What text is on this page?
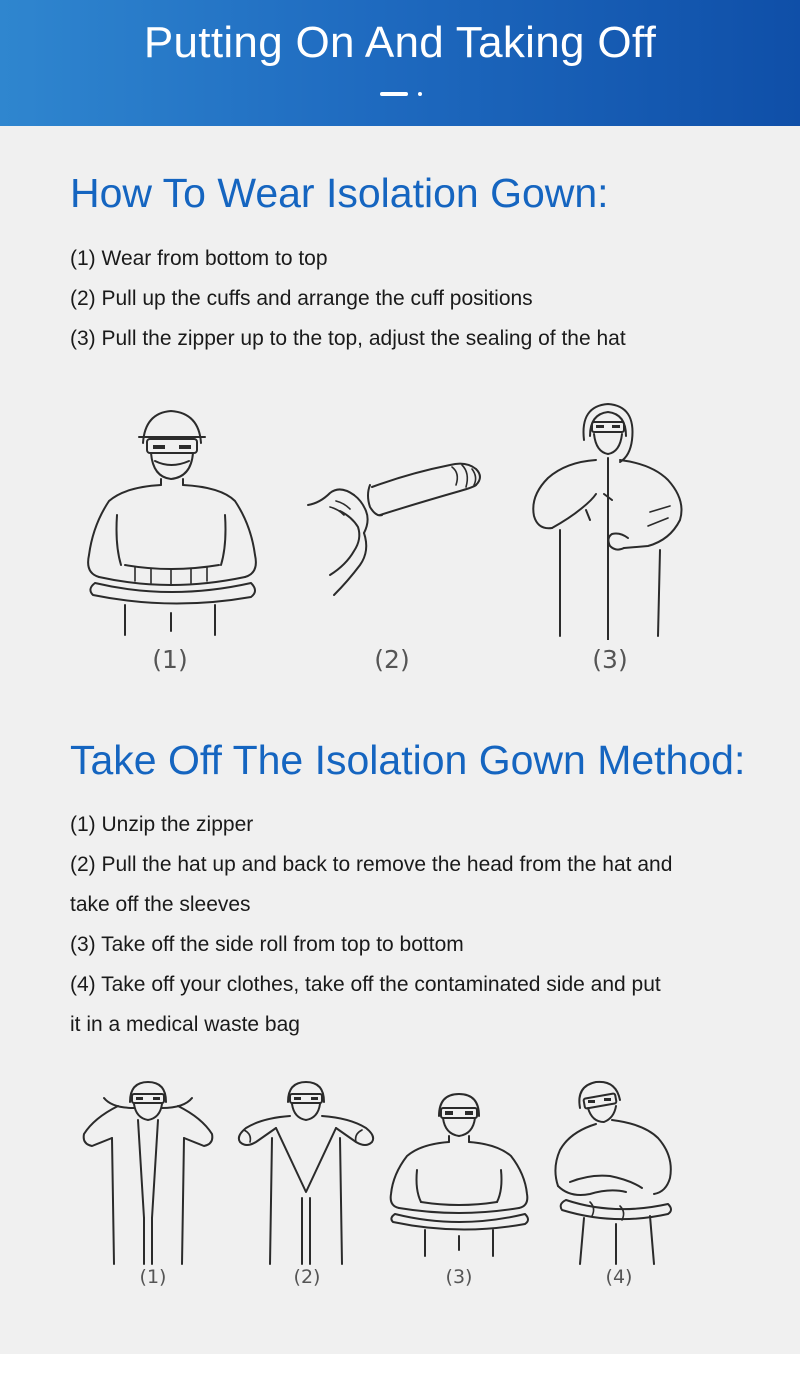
Putting On And Taking Off
How To Wear Isolation Gown:
(1) Wear from bottom to top
(2) Pull up the cuffs and arrange the cuff positions
(3) Pull the zipper up to the top, adjust the sealing of the hat
(1)	(2)	(3)
Take Off The Isolation Gown Method:
(1) Unzip the zipper
(2) Pull the hat up and back to remove the head from the hat and
take off the sleeves
(3) Take off the side roll from top to bottom
(4) Take off your clothes, take off the contaminated side and put
it in a medical waste bag
(1)	(2)	(3)	(4)
